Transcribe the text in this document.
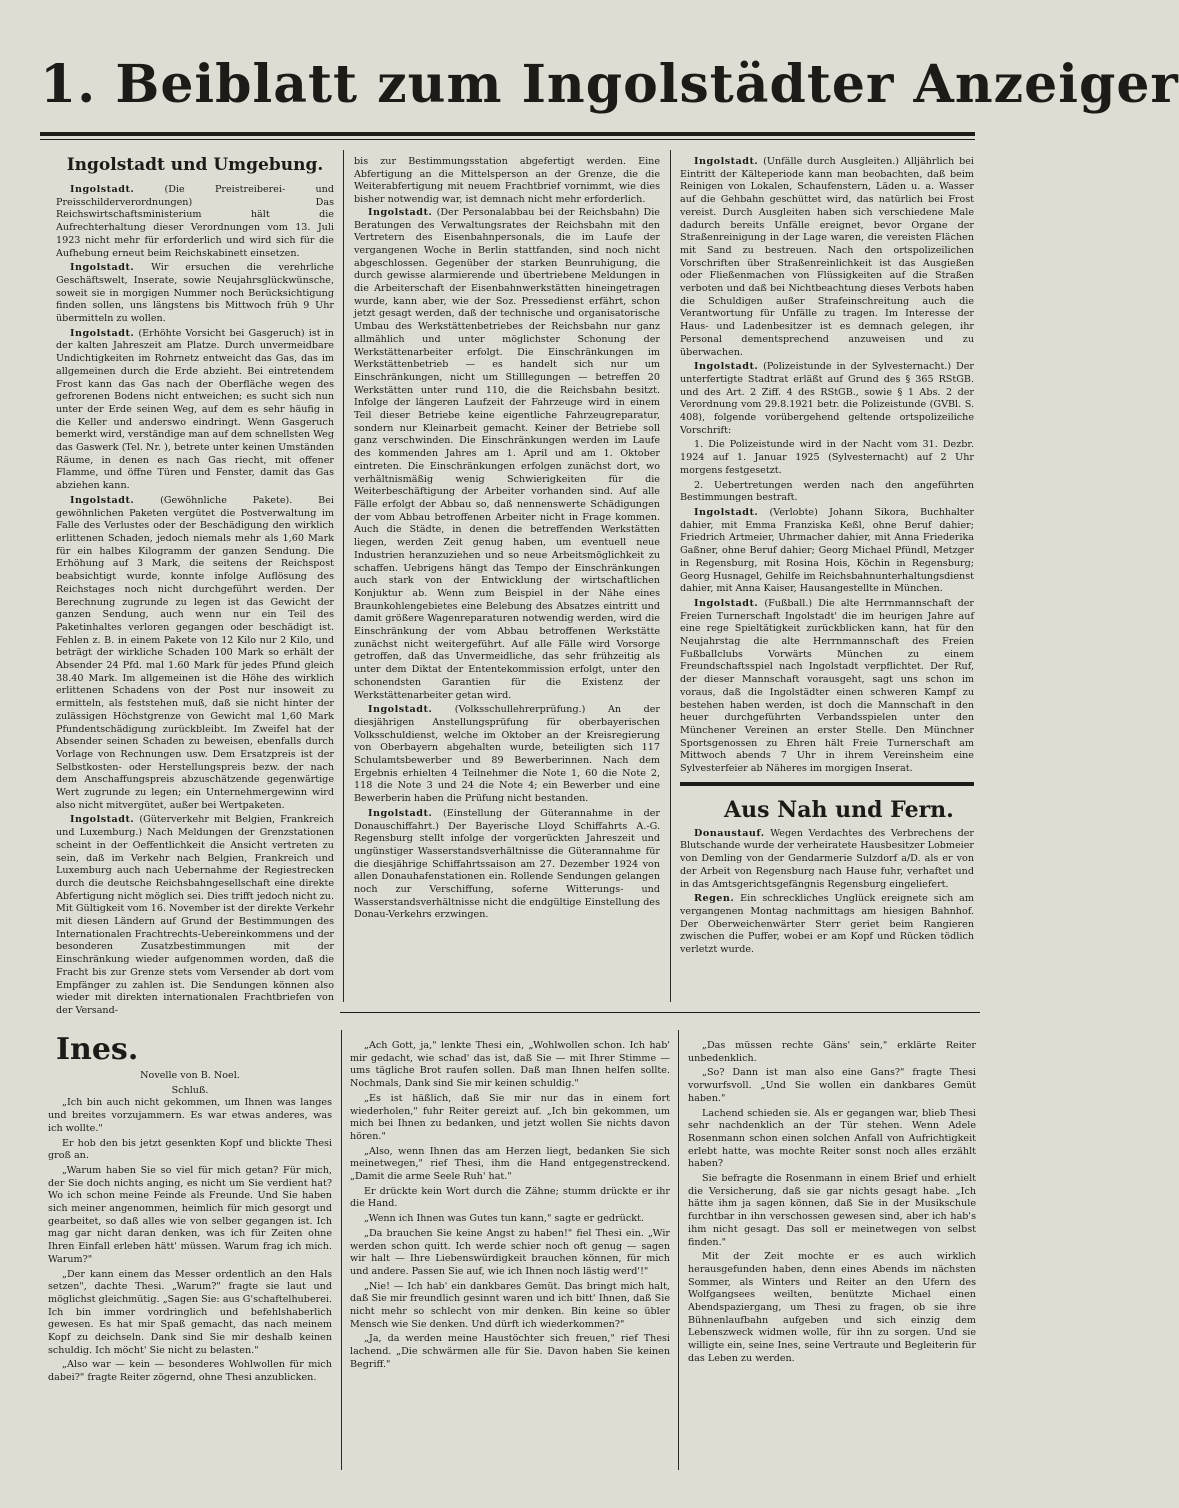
1. Beiblatt zum Ingolstädter Anzeiger
Ingolstadt und Umgebung.

Ingolstadt.	(Die Preistreiberei- und Preisschilderverordnungen) Das Reichswirtschaftsministerium hält die Aufrechterhaltung dieser Verordnungen vom 13. Juli 1923 nicht mehr für erforderlich und wird sich für die Aufhebung erneut beim Reichskabinett einsetzen.

Ingolstadt. Wir ersuchen die verehrliche Geschäftswelt, Inserate, sowie Neujahrsglückwünsche, soweit sie in morgigen Nummer noch Berücksichtigung finden sollen, uns längstens bis Mittwoch früh 9 Uhr übermitteln zu wollen.

Ingolstadt. (Erhöhte Vorsicht bei Gasgeruch) ist in der kalten Jahreszeit am Platze. Durch unvermeidbare Undichtigkeiten im Rohrnetz entweicht das Gas, das im allgemeinen durch die Erde abzieht. Bei eintretendem Frost kann das Gas nach der Oberfläche wegen des gefrorenen Bodens nicht entweichen; es sucht sich nun unter der Erde seinen Weg, auf dem es sehr häufig in die Keller und anderswo eindringt. Wenn Gasgeruch bemerkt wird, verständige man auf dem schnellsten Weg das Gaswerk (Tel. Nr. ), betrete unter keinen Umständen Räume, in denen es nach Gas riecht, mit offener Flamme, und öffne Türen und Fenster, damit das Gas abziehen kann.

Ingolstadt.	(Gewöhnliche Pakete). Bei gewöhnlichen Paketen vergütet die Postverwaltung im Falle des Verlustes oder der Beschädigung den wirklich erlittenen Schaden, jedoch niemals mehr als 1,60 Mark für ein halbes Kilogramm der ganzen Sendung. Die Erhöhung auf 3 Mark, die seitens der Reichspost beabsichtigt wurde, konnte infolge Auflösung des Reichstages noch nicht durchgeführt werden. Der Berechnung zugrunde zu legen ist das Gewicht der ganzen Sendung, auch wenn nur ein Teil des Paketinhaltes verloren gegangen oder beschädigt ist. Fehlen z. B. in einem Pakete von 12 Kilo nur 2 Kilo, und beträgt der wirkliche Schaden 100 Mark so erhält der Absender 24 Pfd. mal 1.60 Mark für jedes Pfund gleich 38.40 Mark. Im allgemeinen ist die Höhe des wirklich erlittenen Schadens von der Post nur insoweit zu ermitteln, als feststehen muß, daß sie nicht hinter der zulässigen Höchstgrenze von Gewicht mal 1,60 Mark Pfundentschädigung zurückbleibt. Im Zweifel hat der Absender seinen Schaden zu beweisen, ebenfalls durch Vorlage von Rechnungen usw. Dem Ersatzpreis ist der Selbstkosten- oder Herstellungspreis bezw. der nach dem Anschaffungspreis abzuschätzende gegenwärtige Wert zugrunde zu legen; ein Unternehmergewinn wird also nicht mitvergütet, außer bei Wertpaketen.

Ingolstadt. (Güterverkehr mit Belgien, Frankreich und Luxemburg.) Nach Meldungen der Grenzstationen scheint in der Oeffentlichkeit die Ansicht vertreten zu sein, daß im Verkehr nach Belgien, Frankreich und Luxemburg auch nach Uebernahme der Regiestrecken durch die deutsche Reichsbahngesellschaft eine direkte Abfertigung nicht möglich sei. Dies trifft jedoch nicht zu. Mit Gültigkeit vom 16. November ist der direkte Verkehr mit diesen Ländern auf Grund der Bestimmungen des Internationalen Frachtrechts-Uebereinkommens und der besonderen Zusatzbestimmungen mit der Einschränkung wieder aufgenommen worden, daß die Fracht bis zur Grenze stets vom Versender ab dort vom Empfänger zu zahlen ist. Die Sendungen können also wieder mit direkten internationalen Frachtbriefen von der Versand-

bis zur Bestimmungsstation abgefertigt werden. Eine Abfertigung an die Mittelsperson an der Grenze, die die Weiterabfertigung mit neuem Frachtbrief vornimmt, wie dies bisher notwendig war, ist demnach nicht mehr erforderlich.

Ingolstadt. (Der Personalabbau bei der Reichsbahn) Die Beratungen des Verwaltungsrates der Reichsbahn mit den Vertretern des Eisenbahnpersonals, die im Laufe der vergangenen Woche in Berlin stattfanden, sind noch nicht abgeschlossen. Gegenüber der starken Beunruhigung, die durch gewisse alarmierende und übertriebene Meldungen in die Arbeiterschaft der Eisenbahnwerkstätten hineingetragen wurde, kann aber, wie der Soz. Pressedienst erfährt, schon jetzt gesagt werden, daß der technische und organisatorische Umbau des Werkstättenbetriebes der Reichsbahn nur ganz allmählich und unter möglichster Schonung der Werkstättenarbeiter erfolgt. Die Einschränkungen im Werkstättenbetrieb — es handelt sich nur um Einschränkungen, nicht um Stilllegungen — betreffen 20 Werkstätten unter rund 110, die die Reichsbahn besitzt. Infolge der längeren Laufzeit der Fahrzeuge wird in einem Teil dieser Betriebe keine eigentliche Fahrzeugreparatur, sondern nur Kleinarbeit gemacht. Keiner der Betriebe soll ganz verschwinden. Die Einschränkungen werden im Laufe des kommenden Jahres am 1. April und am 1. Oktober eintreten. Die Einschränkungen erfolgen zunächst dort, wo verhältnismäßig wenig Schwierigkeiten für die Weiterbeschäftigung der Arbeiter vorhanden sind. Auf alle Fälle erfolgt der Abbau so, daß nennenswerte Schädigungen der vom Abbau betroffenen Arbeiter nicht in Frage kommen. Auch die Städte, in denen die betreffenden Werkstätten liegen, werden Zeit genug haben, um eventuell neue Industrien heranzuziehen und so neue Arbeitsmöglichkeit zu schaffen. Uebrigens hängt das Tempo der Einschränkungen auch stark von der Entwicklung der wirtschaftlichen Konjuktur ab. Wenn zum Beispiel in der Nähe eines Braunkohlengebietes eine Belebung des Absatzes eintritt und damit größere Wagenreparaturen notwendig werden, wird die Einschränkung der vom Abbau betroffenen Werkstätte zunächst nicht weitergeführt. Auf alle Fälle wird Vorsorge getroffen, daß das Unvermeidliche, das sehr frühzeitig als unter dem Diktat der Ententekommission erfolgt, unter den schonendsten Garantien für die Existenz der Werkstättenarbeiter getan wird.

Ingolstadt. (Volksschullehrerprüfung.) An der diesjährigen Anstellungsprüfung für oberbayerischen Volksschuldienst, welche im Oktober an der Kreisregierung von Oberbayern abgehalten wurde, beteiligten sich 117 Schulamtsbewerber und 89 Bewerberinnen. Nach dem Ergebnis erhielten 4 Teilnehmer die Note 1, 60 die Note 2, 118 die Note 3 und 24 die Note 4; ein Bewerber und eine Bewerberin haben die Prüfung nicht bestanden.

Ingolstadt. (Einstellung der Güterannahme in der Donauschiffahrt.) Der Bayerische Lloyd Schiffahrts A.-G. Regensburg stellt infolge der vorgerückten Jahreszeit und ungünstiger Wasserstandsverhältnisse die Güterannahme für die diesjährige Schiffahrtssaison am 27. Dezember 1924 von allen Donauhafenstationen ein. Rollende Sendungen gelangen noch zur Verschiffung, soferne Witterungs- und Wasserstandsverhältnisse nicht die endgültige Einstellung des Donau-Verkehrs erzwingen.

Ingolstadt. (Unfälle durch Ausgleiten.) Alljährlich bei Eintritt der Kälteperiode kann man beobachten, daß beim Reinigen von Lokalen, Schaufenstern, Läden u. a. Wasser auf die Gehbahn geschüttet wird, das natürlich bei Frost vereist. Durch Ausgleiten haben sich verschiedene Male dadurch bereits Unfälle ereignet, bevor Organe der Straßenreinigung in der Lage waren, die vereisten Flächen mit Sand zu bestreuen. Nach den ortspolizeilichen Vorschriften über Straßenreinlichkeit ist das Ausgießen oder Fließenmachen von Flüssigkeiten auf die Straßen verboten und daß bei Nichtbeachtung dieses Verbots haben die Schuldigen außer Strafeinschreitung auch die Verantwortung für Unfälle zu tragen. Im Interesse der Haus- und Ladenbesitzer ist es demnach gelegen, ihr Personal dementsprechend anzuweisen und zu überwachen.

Ingolstadt. (Polizeistunde in der Sylvesternacht.) Der unterfertigte Stadtrat erläßt auf Grund des § 365 RStGB. und des Art. 2 Ziff. 4 des RStGB., sowie § 1 Abs. 2 der Verordnung vom 29.8.1921 betr. die Polizeistunde (GVBl. S. 408), folgende vorübergehend geltende ortspolizeiliche Vorschrift:

1. Die Polizeistunde wird in der Nacht vom 31. Dezbr. 1924 auf 1. Januar 1925 (Sylvesternacht) auf 2 Uhr morgens festgesetzt.

2. Uebertretungen werden nach den angeführten Bestimmungen bestraft.

Ingolstadt. (Verlobte) Johann Sikora, Buchhalter dahier, mit Emma Franziska Keßl, ohne Beruf dahier; Friedrich Artmeier, Uhrmacher dahier, mit Anna Friederika Gaßner, ohne Beruf dahier; Georg Michael Pfündl, Metzger in Regensburg, mit Rosina Hois, Köchin in Regensburg; Georg Husnagel, Gehilfe im Reichsbahnunterhaltungsdienst dahier, mit Anna Kaiser, Hausangestellte in München.

Ingolstadt. (Fußball.) Die alte Herrnmannschaft der Freien Turnerschaft Ingolstadt' die im heurigen Jahre auf eine rege Spieltätigkeit zurückblicken kann, hat für den Neujahrstag die alte Herrnmannschaft des Freien Fußballclubs Vorwärts München zu einem Freundschaftsspiel nach Ingolstadt verpflichtet. Der Ruf, der dieser Mannschaft vorausgeht, sagt uns schon im voraus, daß die Ingolstädter einen schweren Kampf zu bestehen haben werden, ist doch die Mannschaft in den heuer durchgeführten Verbandsspielen unter den Münchener Vereinen an erster Stelle. Den Münchner Sportsgenossen zu Ehren hält Freie Turnerschaft am Mittwoch abends 7 Uhr in ihrem Vereinsheim eine Sylvesterfeier ab Näheres im morgigen Inserat.

Aus Nah und Fern.

Donaustauf. Wegen Verdachtes des Verbrechens der Blutschande wurde der verheiratete Hausbesitzer Lobmeier von Demling von der Gendarmerie Sulzdorf a/D. als er von der Arbeit von Regensburg nach Hause fuhr, verhaftet und in das Amtsgerichtsgefängnis Regensburg eingeliefert.

Regen. Ein schreckliches Unglück ereignete sich am vergangenen Montag nachmittags am hiesigen Bahnhof. Der Oberweichenwärter Sterr geriet beim Rangieren zwischen die Puffer, wobei er am Kopf und Rücken tödlich verletzt wurde.

Ines.

Novelle von B. Noel.

Schluß.

„Ich bin auch nicht gekommen, um Ihnen was langes und breites vorzujammern. Es war etwas anderes, was ich wollte."

Er hob den bis jetzt gesenkten Kopf und blickte Thesi groß an.

„Warum haben Sie so viel für mich getan? Für mich, der Sie doch nichts anging, es nicht um Sie verdient hat? Wo ich schon meine Feinde als Freunde. Und Sie haben sich meiner angenommen, heimlich für mich gesorgt und gearbeitet, so daß alles wie von selber gegangen ist. Ich mag gar nicht daran denken, was ich für Zeiten ohne Ihren Einfall erleben hätt' müssen. Warum frag ich mich. Warum?"

„Der kann einem das Messer ordentlich an den Hals setzen", dachte Thesi. „Warum?" fragte sie laut und möglichst gleichmütig. „Sagen Sie: aus G'schaftelhuberei. Ich bin immer vordringlich und befehlshaberlich gewesen. Es hat mir Spaß gemacht, das nach meinem Kopf zu deichseln. Dank sind Sie mir deshalb keinen schuldig. Ich möcht' Sie nicht zu belasten."

„Also war — kein — besonderes Wohlwollen für mich dabei?" fragte Reiter zögernd, ohne Thesi anzublicken.

„Ach Gott, ja," lenkte Thesi ein, „Wohlwollen schon. Ich hab' mir gedacht, wie schad' das ist, daß Sie — mit Ihrer Stimme — ums tägliche Brot raufen sollen. Daß man Ihnen helfen sollte. Nochmals, Dank sind Sie mir keinen schuldig."

„Es ist häßlich, daß Sie mir nur das in einem fort wiederholen," fuhr Reiter gereizt auf. „Ich bin gekommen, um mich bei Ihnen zu bedanken, und jetzt wollen Sie nichts davon hören."

„Also, wenn Ihnen das am Herzen liegt, bedanken Sie sich meinetwegen," rief Thesi, ihm die Hand entgegenstreckend. „Damit die arme Seele Ruh' hat."

Er drückte kein Wort durch die Zähne; stumm drückte er ihr die Hand.

„Wenn ich Ihnen was Gutes tun kann," sagte er gedrückt.

„Da brauchen Sie keine Angst zu haben!" fiel Thesi ein. „Wir werden schon quitt. Ich werde schier noch oft genug — sagen wir halt — Ihre Liebenswürdigkeit brauchen können, für mich und andere. Passen Sie auf, wie ich Ihnen noch lästig werd'!"

„Nie! — Ich hab' ein dankbares Gemüt. Das bringt mich halt, daß Sie mir freundlich gesinnt waren und ich bitt' Ihnen, daß Sie nicht mehr so schlecht von mir denken. Bin keine so übler Mensch wie Sie denken. Und dürft ich wiederkommen?"

„Ja, da werden meine Haustöchter sich freuen," rief Thesi lachend. „Die schwärmen alle für Sie. Davon haben Sie keinen Begriff."

„Das müssen rechte Gäns' sein," erklärte Reiter unbedenklich.

„So? Dann ist man also eine Gans?" fragte Thesi vorwurfsvoll. „Und Sie wollen ein dankbares Gemüt haben."

Lachend schieden sie. Als er gegangen war, blieb Thesi sehr nachdenklich an der Tür stehen. Wenn Adele Rosenmann schon einen solchen Anfall von Aufrichtigkeit erlebt hatte, was mochte Reiter sonst noch alles erzählt haben?

Sie befragte die Rosenmann in einem Brief und erhielt die Versicherung, daß sie gar nichts gesagt habe. „Ich hätte ihm ja sagen können, daß Sie in der Musikschule furchtbar in ihn verschossen gewesen sind, aber ich hab's ihm nicht gesagt. Das soll er meinetwegen von selbst finden."

Mit der Zeit mochte er es auch wirklich herausgefunden haben, denn eines Abends im nächsten Sommer, als Winters und Reiter an den Ufern des Wolfgangsees weilten, benützte Michael einen Abendspaziergang, um Thesi zu fragen, ob sie ihre Bühnenlaufbahn aufgeben und sich einzig dem Lebenszweck widmen wolle, für ihn zu sorgen. Und sie willigte ein, seine Ines, seine Vertraute und Begleiterin für das Leben zu werden.
